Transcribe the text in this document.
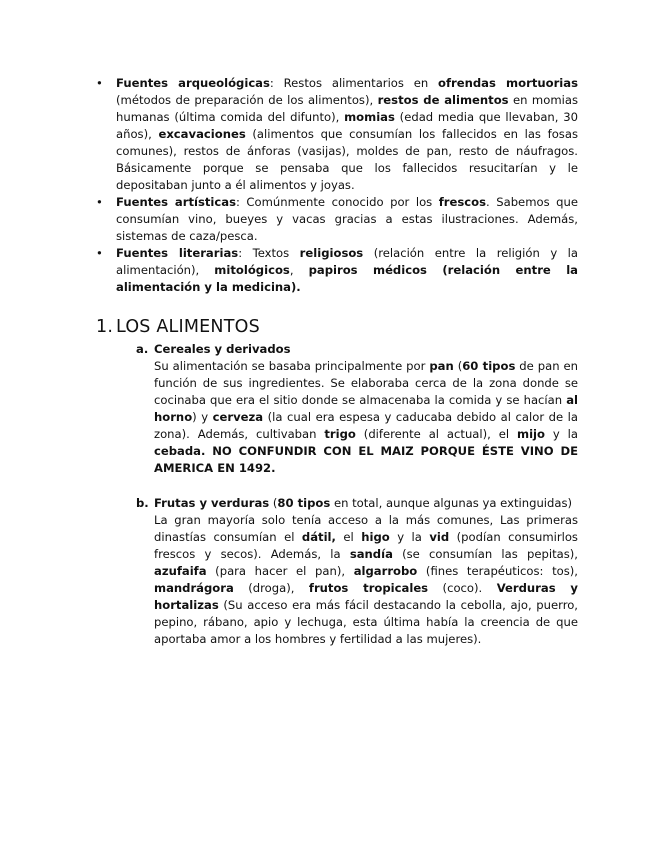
• Fuentes arqueológicas: Restos alimentarios en ofrendas mortuorias (métodos de preparación de los alimentos), restos de alimentos en momias humanas (última comida del difunto), momias (edad media que llevaban, 30 años), excavaciones (alimentos que consumían los fallecidos en las fosas comunes), restos de ánforas (vasijas), moldes de pan, resto de náufragos. Básicamente porque se pensaba que los fallecidos resucitarían y le depositaban junto a él alimentos y joyas.
• Fuentes artísticas: Comúnmente conocido por los frescos. Sabemos que consumían vino, bueyes y vacas gracias a estas ilustraciones. Además, sistemas de caza/pesca.
• Fuentes literarias: Textos religiosos (relación entre la religión y la alimentación), mitológicos, papiros médicos (relación entre la alimentación y la medicina).
1. LOS ALIMENTOS
a. Cereales y derivados
Su alimentación se basaba principalmente por pan (60 tipos de pan en función de sus ingredientes. Se elaboraba cerca de la zona donde se cocinaba que era el sitio donde se almacenaba la comida y se hacían al horno) y cerveza (la cual era espesa y caducaba debido al calor de la zona). Además, cultivaban trigo (diferente al actual), el mijo y la cebada. NO CONFUNDIR CON EL MAIZ PORQUE ÉSTE VINO DE AMERICA EN 1492.
b. Frutas y verduras (80 tipos en total, aunque algunas ya extinguidas)
La gran mayoría solo tenía acceso a la más comunes, Las primeras dinastías consumían el dátil, el higo y la vid (podían consumirlos frescos y secos). Además, la sandía (se consumían las pepitas), azufaifa (para hacer el pan), algarrobo (fines terapéuticos: tos), mandrágora (droga), frutos tropicales (coco). Verduras y hortalizas (Su acceso era más fácil destacando la cebolla, ajo, puerro, pepino, rábano, apio y lechuga, esta última había la creencia de que aportaba amor a los hombres y fertilidad a las mujeres).
